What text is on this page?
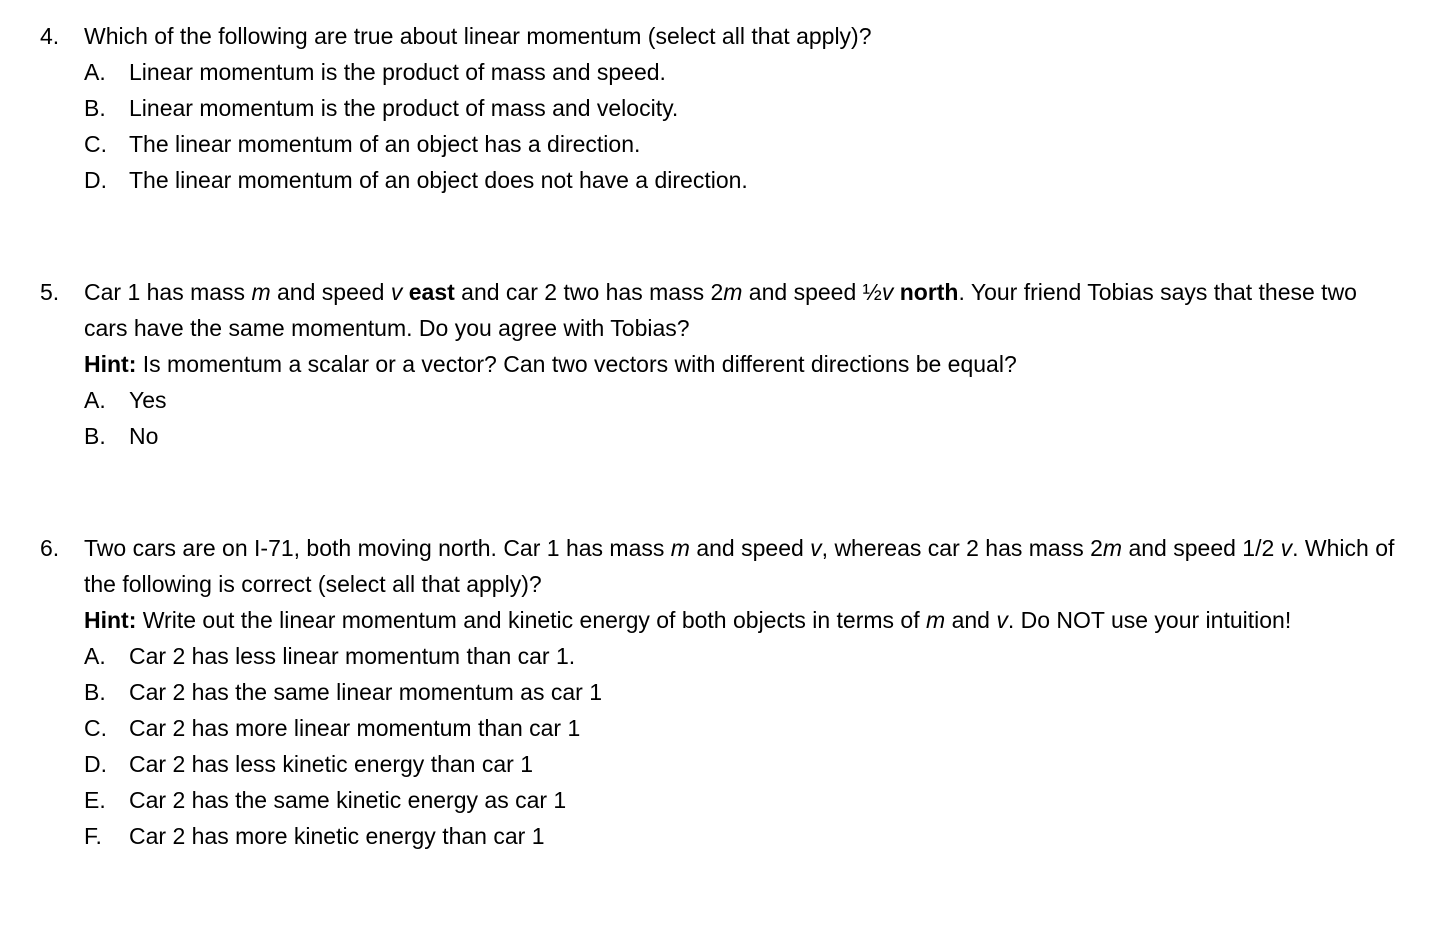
4. Which of the following are true about linear momentum (select all that apply)?
A. Linear momentum is the product of mass and speed.
B. Linear momentum is the product of mass and velocity.
C. The linear momentum of an object has a direction.
D. The linear momentum of an object does not have a direction.
5. Car 1 has mass m and speed v east and car 2 two has mass 2m and speed ½v north. Your friend Tobias says that these two cars have the same momentum. Do you agree with Tobias?
Hint: Is momentum a scalar or a vector? Can two vectors with different directions be equal?
A. Yes
B. No
6. Two cars are on I-71, both moving north. Car 1 has mass m and speed v, whereas car 2 has mass 2m and speed 1/2 v. Which of the following is correct (select all that apply)?
Hint: Write out the linear momentum and kinetic energy of both objects in terms of m and v. Do NOT use your intuition!
A. Car 2 has less linear momentum than car 1.
B. Car 2 has the same linear momentum as car 1
C. Car 2 has more linear momentum than car 1
D. Car 2 has less kinetic energy than car 1
E. Car 2 has the same kinetic energy as car 1
F. Car 2 has more kinetic energy than car 1
